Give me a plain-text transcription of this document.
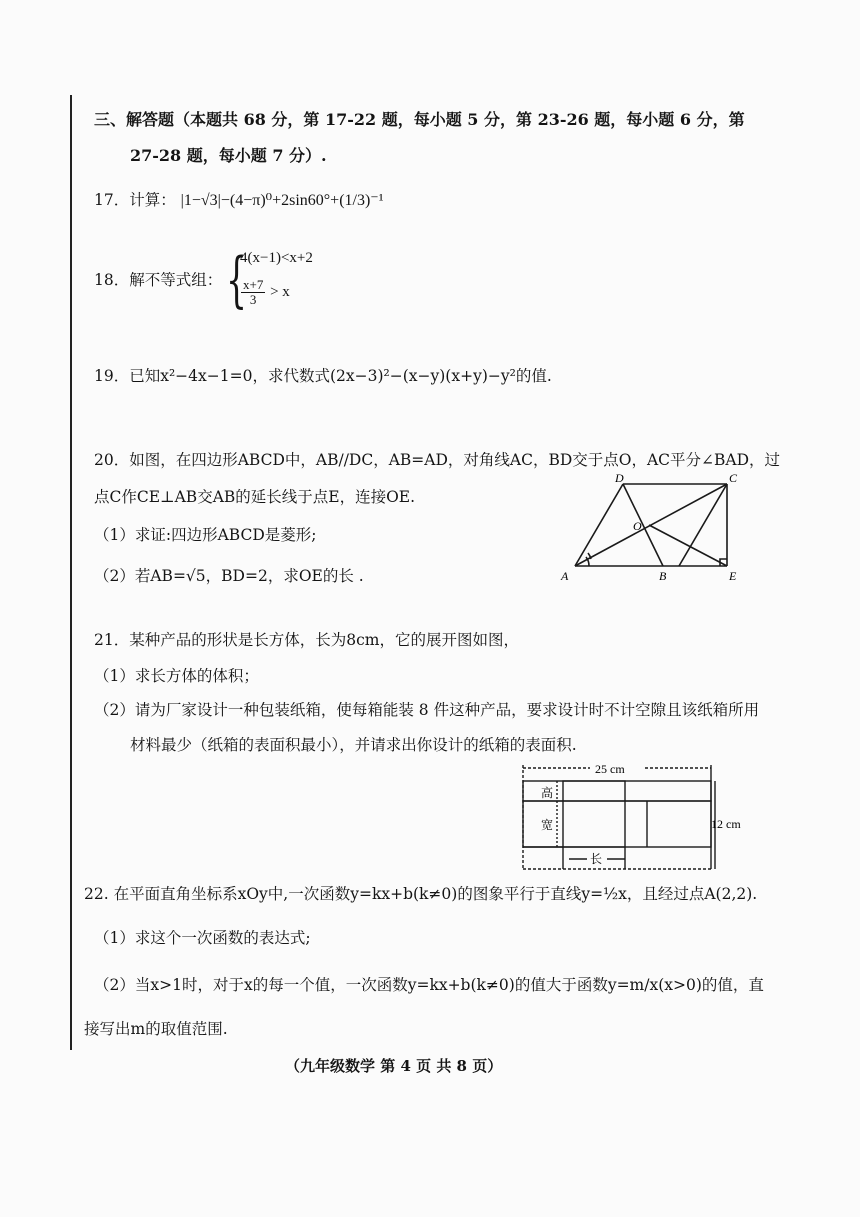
三、解答题（本题共 68 分，第 17-22 题，每小题 5 分，第 23-26 题，每小题 6 分，第
27-28 题，每小题 7 分）.
17．计算： |1−√3|−(4−π)⁰+2sin60°+(1/3)⁻¹
18．解不等式组： {
4(x−1)<x+2
$\frac{x+7}{3} > x$
19．已知x²−4x−1=0，求代数式(2x−3)²−(x−y)(x+y)−y²的值.
20．如图，在四边形ABCD中，AB//DC，AB=AD，对角线AC，BD交于点O，AC平分∠BAD，过
点C作CE⊥AB交AB的延长线于点E，连接OE.
（1）求证:四边形ABCD是菱形;
（2）若AB=√5，BD=2，求OE的长 .
D	C
O
A	B	E
21．某种产品的形状是长方体，长为8cm，它的展开图如图，
（1）求长方体的体积；
（2）请为厂家设计一种包装纸箱，使每箱能装 8 件这种产品，要求设计时不计空隙且该纸箱所用
材料最少（纸箱的表面积最小），并请求出你设计的纸箱的表面积.
25 cm
12 cm
高
宽
长
22. 在平面直角坐标系xOy中,一次函数y=kx+b(k≠0)的图象平行于直线y=½x，且经过点A(2,2).
（1）求这个一次函数的表达式;
（2）当x>1时，对于x的每一个值，一次函数y=kx+b(k≠0)的值大于函数y=m/x(x>0)的值，直
接写出m的取值范围.
（九年级数学 第 4 页 共 8 页）
